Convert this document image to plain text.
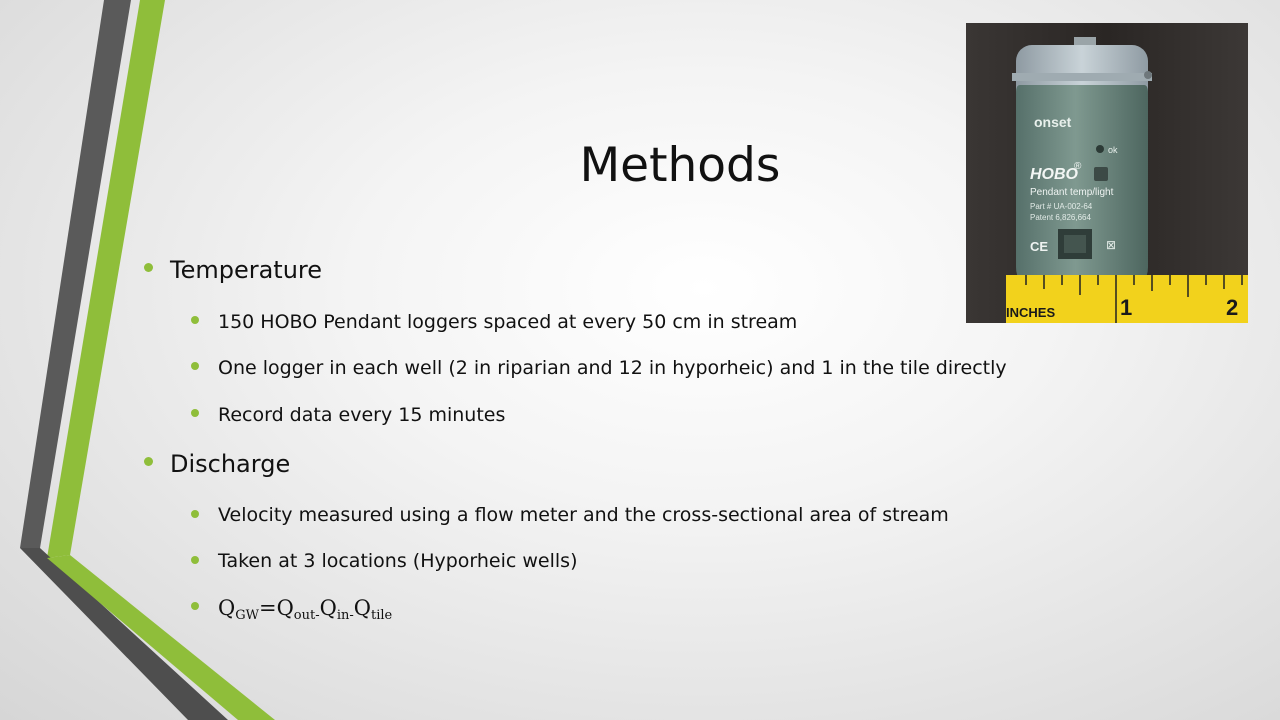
Methods
Temperature
150 HOBO Pendant loggers spaced at every 50 cm in stream
One logger in each well (2 in riparian and 12 in hyporheic) and 1 in the tile directly
Record data every 15 minutes
Discharge
Velocity measured using a flow meter and the cross-sectional area of stream
Taken at 3 locations (Hyporheic wells)
$Q_{GW}=Q_{out-}Q_{in-}Q_{tile}$
onset
ok
HOBO
®
Pendant temp/light
Part # UA-002-64
Patent 6,826,664
CE	⊠
INCHES	1	2
